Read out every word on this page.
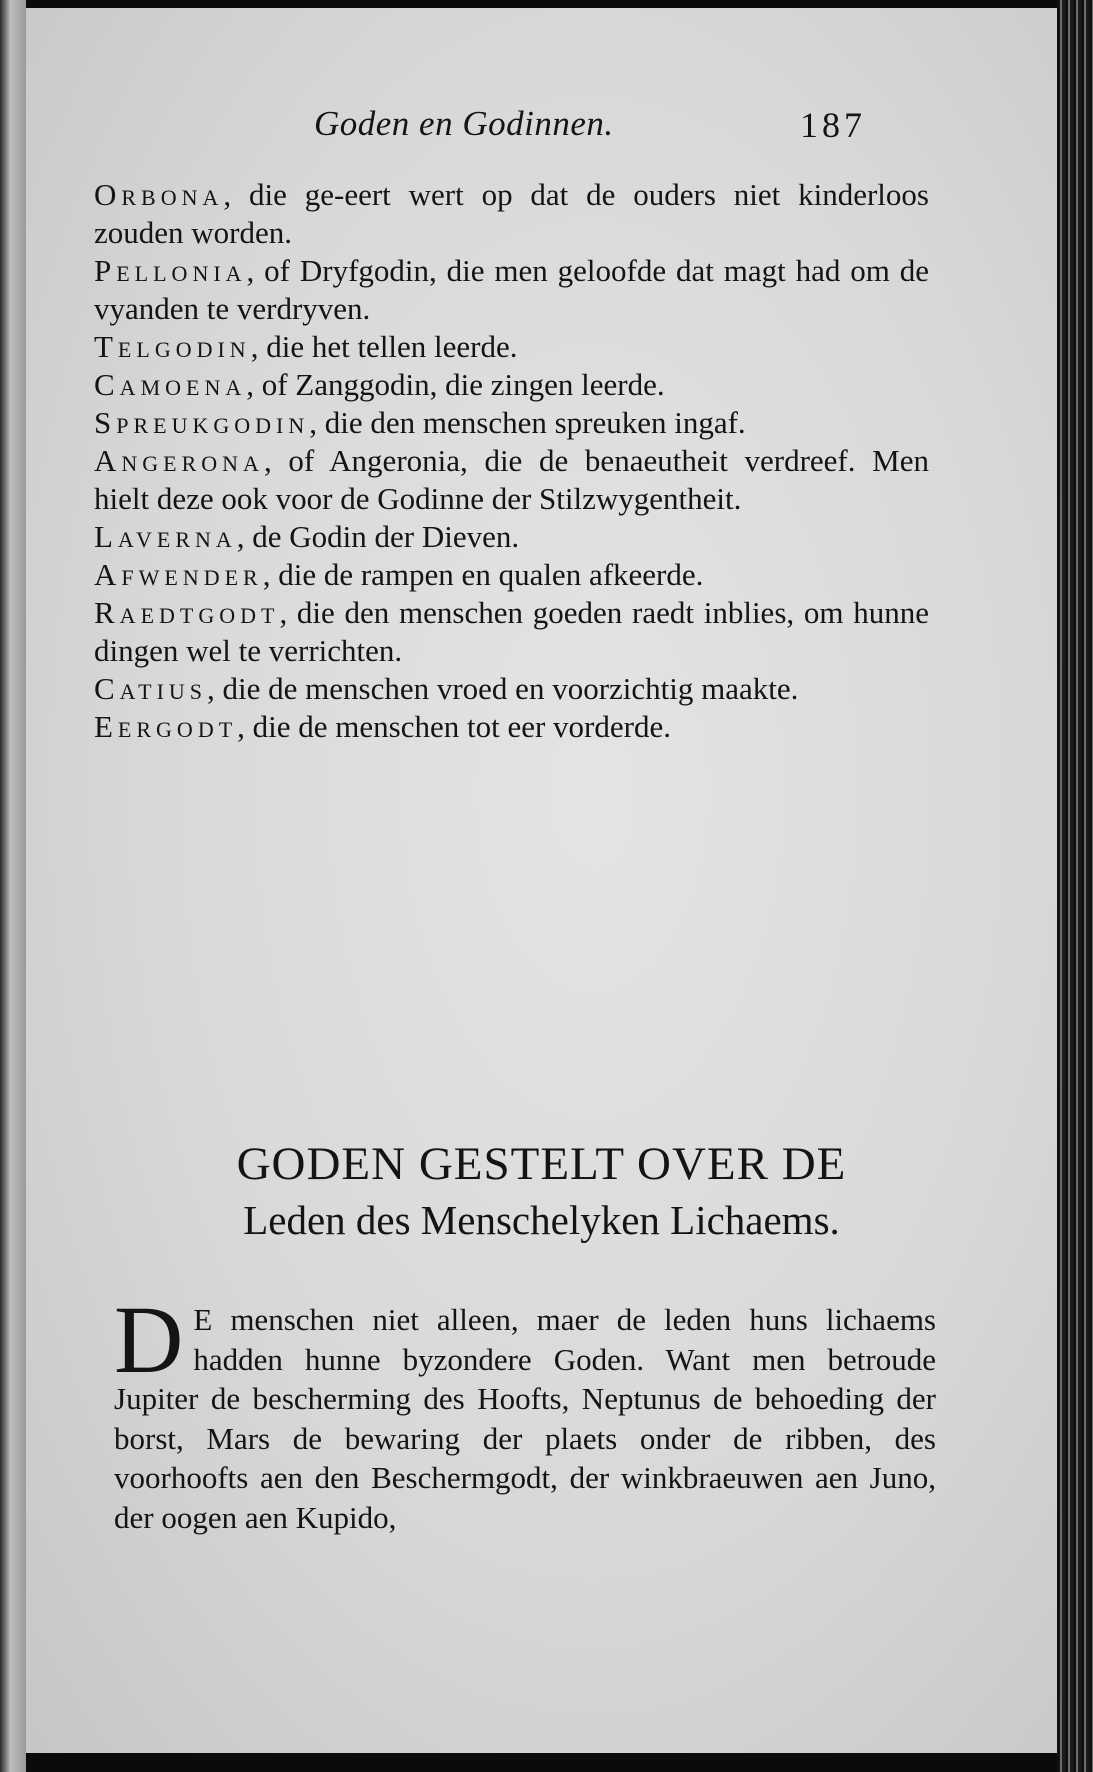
Goden en Godinnen.	187

Orbona, die ge-eert wert op dat de ouders niet kinderloos zouden worden.

Pellonia, of Dryfgodin, die men geloofde dat magt had om de vyanden te verdryven.

Telgodin, die het tellen leerde.

Camoena, of Zanggodin, die zingen leerde.

Spreukgodin, die den menschen spreuken ingaf.

Angerona, of Angeronia, die de benaeutheit verdreef. Men hielt deze ook voor de Godinne der Stilzwygentheit.

Laverna, de Godin der Dieven.

Afwender, die de rampen en qualen afkeerde.

Raedtgodt, die den menschen goeden raedt inblies, om hunne dingen wel te verrichten.

Catius, die de menschen vroed en voorzichtig maakte.

Eergodt, die de menschen tot eer vorderde.

GODEN GESTELT OVER DE
Leden des Menschelyken Lichaems.
D E menschen niet alleen, maer de leden huns lichaems hadden hunne byzondere Goden. Want men betroude Jupiter de bescherming des Hoofts, Neptunus de behoeding der borst, Mars de bewaring der plaets onder de ribben, des voorhoofts aen den Beschermgodt, der winkbraeuwen aen Juno, der oogen aen Kupido,
